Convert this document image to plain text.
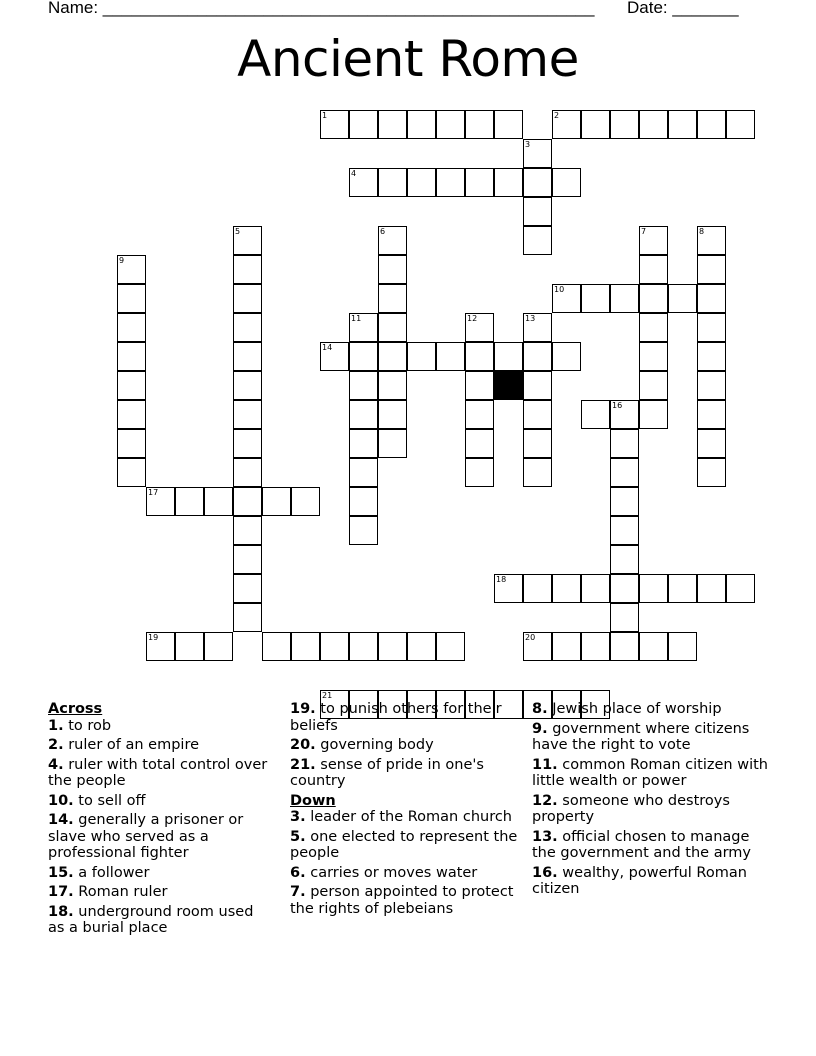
Name: ____________________________________________________ Date: _______
Ancient Rome
1	2
3
4
5	6	7	8
9
10
11	12	13
14
16
17
18
19	20
21
Across
1. to rob
2. ruler of an empire
4. ruler with total control over the people
10. to sell off
14. generally a prisoner or slave who served as a professional fighter
15. a follower
17. Roman ruler
18. underground room used as a burial place
19. to punish others for their beliefs
20. governing body
21. sense of pride in one's country
Down
3. leader of the Roman church
5. one elected to represent the people
6. carries or moves water
7. person appointed to protect the rights of plebeians
8. Jewish place of worship
9. government where citizens have the right to vote
11. common Roman citizen with little wealth or power
12. someone who destroys property
13. official chosen to manage the government and the army
16. wealthy, powerful Roman citizen
